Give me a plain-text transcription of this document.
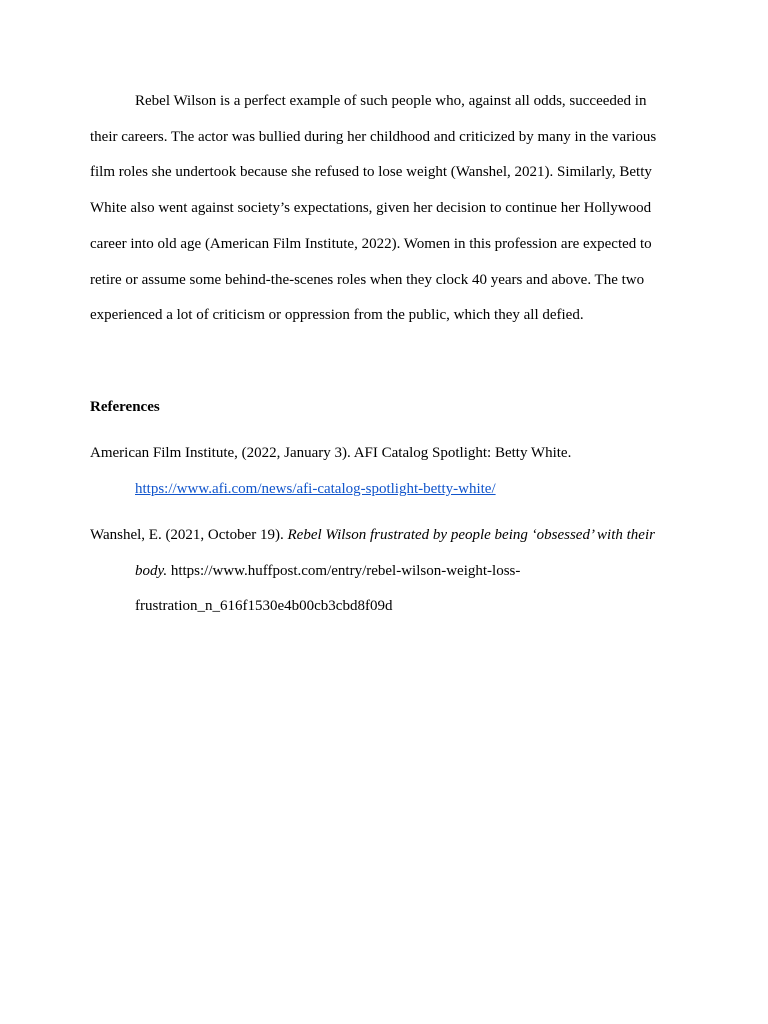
Rebel Wilson is a perfect example of such people who, against all odds, succeeded in their careers. The actor was bullied during her childhood and criticized by many in the various film roles she undertook because she refused to lose weight (Wanshel, 2021). Similarly, Betty White also went against society’s expectations, given her decision to continue her Hollywood career into old age (American Film Institute, 2022). Women in this profession are expected to retire or assume some behind-the-scenes roles when they clock 40 years and above. The two experienced a lot of criticism or oppression from the public, which they all defied.

References

American Film Institute, (2022, January 3). AFI Catalog Spotlight: Betty White. https://www.afi.com/news/afi-catalog-spotlight-betty-white/

Wanshel, E. (2021, October 19). Rebel Wilson frustrated by people being ‘obsessed’ with their body. https://www.huffpost.com/entry/rebel-wilson-weight-loss-frustration_n_616f1530e4b00cb3cbd8f09d
